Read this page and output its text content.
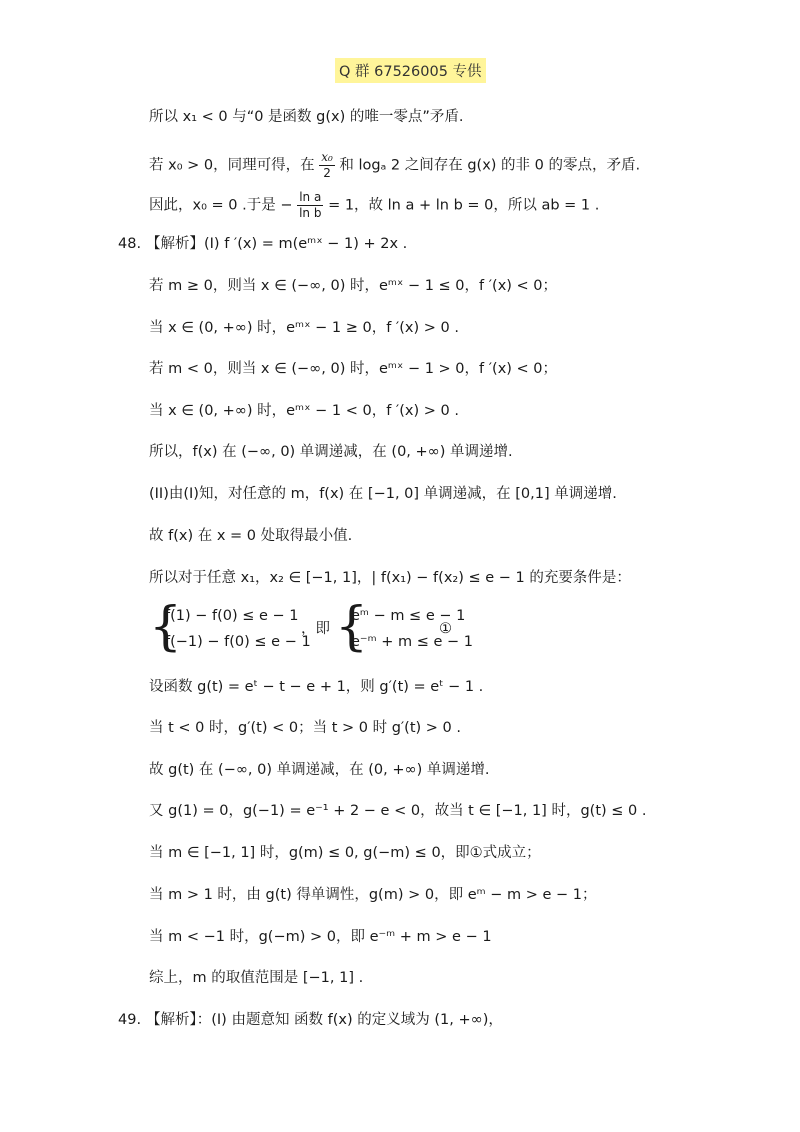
Q 群 67526005 专供
所以 x₁ < 0 与“0 是函数 g(x) 的唯一零点”矛盾.
若 x₀ > 0，同理可得，在 $\frac{\text{x₀}}{2}$ 和 logₐ 2 之间存在 g(x) 的非 0 的零点，矛盾.
因此，x₀ = 0 .于是 − $\frac{\text{ln a}}{\text{ln b}} = 1$，故 ln a + ln b = 0，所以 ab = 1 .
48. 【解析】(I) f ′(x) = m(eᵐˣ − 1) + 2x .
若 m ≥ 0，则当 x ∈ (−∞, 0) 时，eᵐˣ − 1 ≤ 0，f ′(x) < 0；
当 x ∈ (0, +∞) 时，eᵐˣ − 1 ≥ 0，f ′(x) > 0 .
若 m < 0，则当 x ∈ (−∞, 0) 时，eᵐˣ − 1 > 0，f ′(x) < 0；
当 x ∈ (0, +∞) 时，eᵐˣ − 1 < 0，f ′(x) > 0 .
所以，f(x) 在 (−∞, 0) 单调递减，在 (0, +∞) 单调递增.
(II)由(I)知，对任意的 m，f(x) 在 [−1, 0] 单调递减，在 [0,1] 单调递增.
故 f(x) 在 x = 0 处取得最小值.
所以对于任意 x₁，x₂ ∈ [−1, 1]，| f(x₁) − f(x₂) ≤ e − 1 的充要条件是：
{
f(1) − f(0) ≤ e − 1
f(−1) − f(0) ≤ e − 1
，即 {
eᵐ − m ≤ e − 1
e⁻ᵐ + m ≤ e − 1
①
设函数 g(t) = eᵗ − t − e + 1，则 g′(t) = eᵗ − 1 .
当 t < 0 时，g′(t) < 0；当 t > 0 时 g′(t) > 0 .
故 g(t) 在 (−∞, 0) 单调递减，在 (0, +∞) 单调递增.
又 g(1) = 0，g(−1) = e⁻¹ + 2 − e < 0，故当 t ∈ [−1, 1] 时，g(t) ≤ 0 .
当 m ∈ [−1, 1] 时，g(m) ≤ 0, g(−m) ≤ 0，即①式成立；
当 m > 1 时，由 g(t) 得单调性，g(m) > 0，即 eᵐ − m > e − 1；
当 m < −1 时，g(−m) > 0，即 e⁻ᵐ + m > e − 1
综上，m 的取值范围是 [−1, 1] .
49. 【解析】：(I) 由题意知 函数 f(x) 的定义域为 (1, +∞)，
